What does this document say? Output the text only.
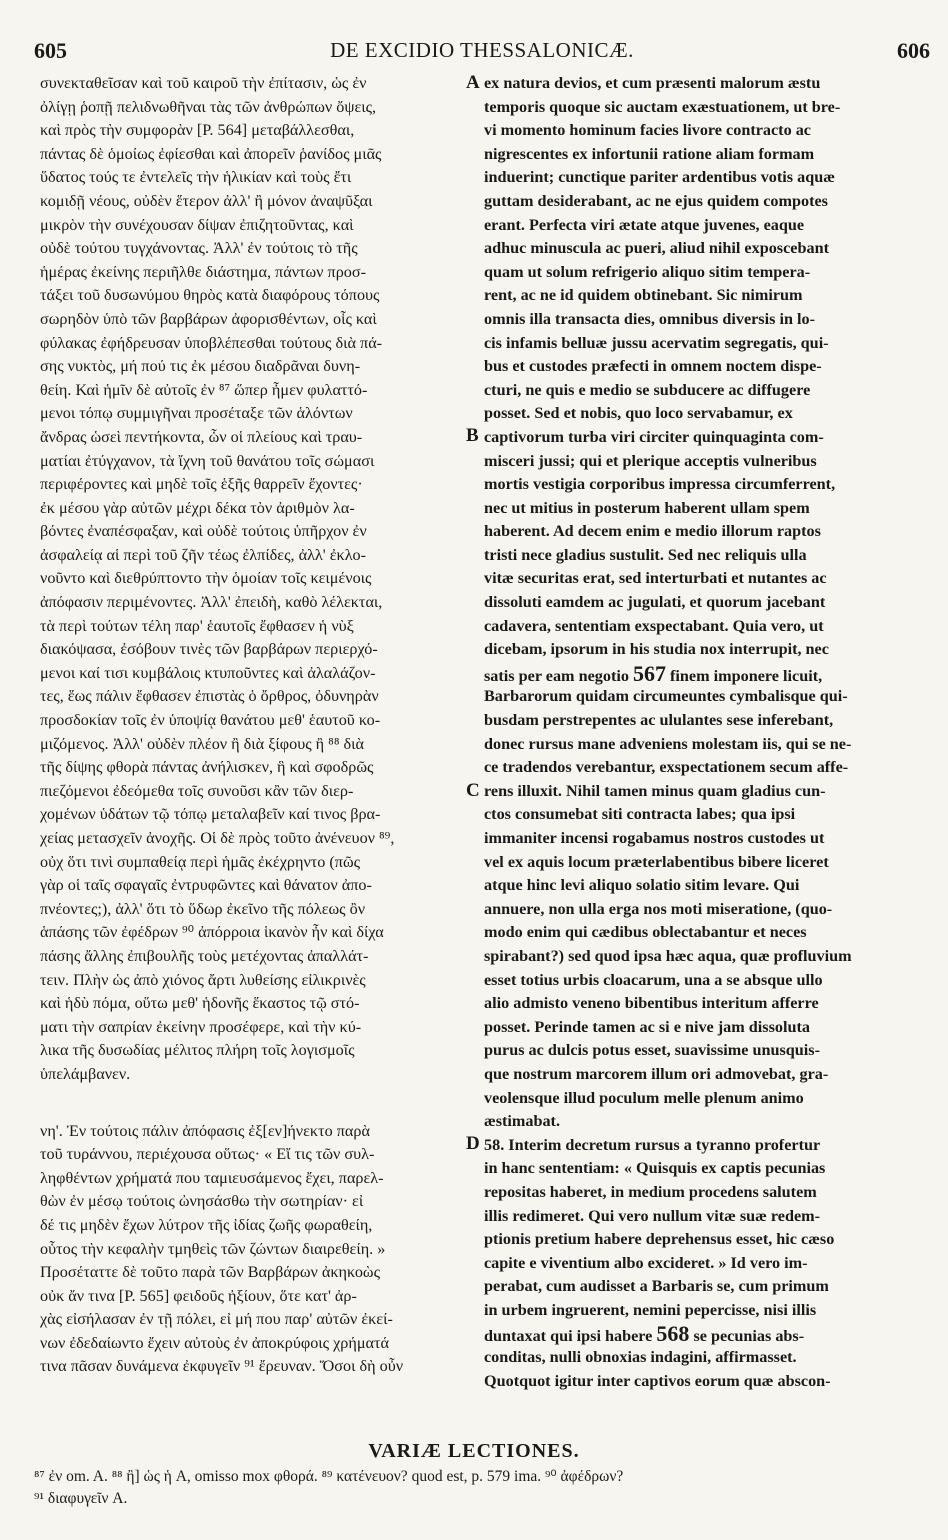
605	DE EXCIDIO THESSALONICÆ.	606
συνεκταθεῖσαν καὶ τοῦ καιροῦ τὴν ἐπίτασιν, ὡς ἐν
ὀλίγῃ ῥοπῇ πελιδνωθῆναι τὰς τῶν ἀνθρώπων ὄψεις,
καὶ πρὸς τὴν συμφορὰν [P. 564] μεταβάλλεσθαι,
πάντας δὲ ὁμοίως ἐφίεσθαι καὶ ἀπορεῖν ῥανίδος μιᾶς
ὕδατος τούς τε ἐντελεῖς τὴν ἡλικίαν καὶ τοὺς ἔτι
κομιδῇ νέους, οὐδὲν ἕτερον ἀλλ' ἢ μόνον ἀναψῦξαι
μικρὸν τὴν συνέχουσαν δίψαν ἐπιζητοῦντας, καὶ
οὐδὲ τούτου τυγχάνοντας. Ἀλλ' ἐν τούτοις τὸ τῆς
ἡμέρας ἐκείνης περιῆλθε διάστημα, πάντων προσ-
τάξει τοῦ δυσωνύμου θηρὸς κατὰ διαφόρους τόπους
σωρηδὸν ὑπὸ τῶν βαρβάρων ἀφορισθέντων, οἷς καὶ
φύλακας ἐφήδρευσαν ὑποβλέπεσθαι τούτους διὰ πά-
σης νυκτὸς, μή πού τις ἐκ μέσου διαδρᾶναι δυνη-
θείη. Καὶ ἡμῖν δὲ αὐτοῖς ἐν ⁸⁷ ὥπερ ἦμεν φυλαττό-
μενοι τόπῳ συμμιγῆναι προσέταξε τῶν ἁλόντων
ἄνδρας ὡσεὶ πεντήκοντα, ὧν οἱ πλείους καὶ τραυ-
ματίαι ἐτύγχανον, τὰ ἴχνη τοῦ θανάτου τοῖς σώμασι
περιφέροντες καὶ μηδὲ τοῖς ἑξῆς θαρρεῖν ἔχοντες·
ἐκ μέσου γὰρ αὐτῶν μέχρι δέκα τὸν ἀριθμὸν λα-
βόντες ἐναπέσφαξαν, καὶ οὐδὲ τούτοις ὑπῆρχον ἐν
ἀσφαλείᾳ αἱ περὶ τοῦ ζῆν τέως ἐλπίδες, ἀλλ' ἐκλο-
νοῦντο καὶ διεθρύπτοντο τὴν ὁμοίαν τοῖς κειμένοις
ἀπόφασιν περιμένοντες. Ἀλλ' ἐπειδὴ, καθὸ λέλεκται,
τὰ περὶ τούτων τέλη παρ' ἑαυτοῖς ἔφθασεν ἡ νὺξ
διακόψασα, ἐσόβουν τινὲς τῶν βαρβάρων περιερχό-
μενοι καί τισι κυμβάλοις κτυποῦντες καὶ ἀλαλάζον-
τες, ἕως πάλιν ἔφθασεν ἐπιστὰς ὁ ὄρθρος, ὀδυνηρὰν
προσδοκίαν τοῖς ἐν ὑποψίᾳ θανάτου μεθ' ἑαυτοῦ κο-
μιζόμενος. Ἀλλ' οὐδὲν πλέον ἢ διὰ ξίφους ἢ ⁸⁸ διὰ
τῆς δίψης φθορὰ πάντας ἀνήλισκεν, ἣ καὶ σφοδρῶς
πιεζόμενοι ἐδεόμεθα τοῖς συνοῦσι κἂν τῶν διερ-
χομένων ὑδάτων τῷ τόπῳ μεταλαβεῖν καί τινος βρα-
χείας μετασχεῖν ἀνοχῆς. Οἱ δὲ πρὸς τοῦτο ἀνένευον ⁸⁹,
οὐχ ὅτι τινὶ συμπαθείᾳ περὶ ἡμᾶς ἐκέχρηντο (πῶς
γὰρ οἱ ταῖς σφαγαῖς ἐντρυφῶντες καὶ θάνατον ἀπο-
πνέοντες;), ἀλλ' ὅτι τὸ ὕδωρ ἐκεῖνο τῆς πόλεως ὂν
ἁπάσης τῶν ἐφέδρων ⁹⁰ ἀπόρροια ἱκανὸν ἦν καὶ δίχα
πάσης ἄλλης ἐπιβουλῆς τοὺς μετέχοντας ἀπαλλάτ-
τειν. Πλὴν ὡς ἀπὸ χιόνος ἄρτι λυθείσης εἰλικρινὲς
καὶ ἡδὺ πόμα, οὕτω μεθ' ἡδονῆς ἕκαστος τῷ στό-
ματι τὴν σαπρίαν ἐκείνην προσέφερε, καὶ τὴν κύ-
λικα τῆς δυσωδίας μέλιτος πλήρη τοῖς λογισμοῖς
ὑπελάμβανεν.
νη'. Ἐν τούτοις πάλιν ἀπόφασις ἐξ[εν]ήνεκτο παρὰ
τοῦ τυράννου, περιέχουσα οὕτως· « Εἴ τις τῶν συλ-
ληφθέντων χρήματά που ταμιευσάμενος ἔχει, παρελ-
θὼν ἐν μέσῳ τούτοις ὠνησάσθω τὴν σωτηρίαν· εἰ
δέ τις μηδὲν ἔχων λύτρον τῆς ἰδίας ζωῆς φωραθείη,
οὗτος τὴν κεφαλὴν τμηθεὶς τῶν ζώντων διαιρεθείη. »
Προσέταττε δὲ τοῦτο παρὰ τῶν Βαρβάρων ἀκηκοὼς
οὐκ ἄν τινα [P. 565] φειδοῦς ἠξίουν, ὅτε κατ' ἀρ-
χὰς εἰσήλασαν ἐν τῇ πόλει, εἰ μή που παρ' αὐτῶν ἐκεί-
νων ἐδεδαίωντο ἔχειν αὐτοὺς ἐν ἀποκρύφοις χρήματά
τινα πᾶσαν δυνάμενα ἐκφυγεῖν ⁹¹ ἔρευναν. Ὅσοι δὴ οὖν
ex natura devios, et cum præsenti malorum æstu
temporis quoque sic auctam exæstuationem, ut bre-
vi momento hominum facies livore contracto ac
nigrescentes ex infortunii ratione aliam formam
induerint; cunctique pariter ardentibus votis aquæ
guttam desiderabant, ac ne ejus quidem compotes
erant. Perfecta viri ætate atque juvenes, eaque
adhuc minuscula ac pueri, aliud nihil exposcebant
quam ut solum refrigerio aliquo sitim tempera-
rent, ac ne id quidem obtinebant. Sic nimirum
omnis illa transacta dies, omnibus diversis in lo-
cis infamis belluæ jussu acervatim segregatis, qui-
bus et custodes præfecti in omnem noctem dispe-
cturi, ne quis e medio se subducere ac diffugere
posset. Sed et nobis, quo loco servabamur, ex
captivorum turba viri circiter quinquaginta com-
misceri jussi; qui et plerique acceptis vulneribus
mortis vestigia corporibus impressa circumferrent,
nec ut mitius in posterum haberent ullam spem
haberent. Ad decem enim e medio illorum raptos
tristi nece gladius sustulit. Sed nec reliquis ulla
vitæ securitas erat, sed interturbati et nutantes ac
dissoluti eamdem ac jugulati, et quorum jacebant
cadavera, sententiam exspectabant. Quia vero, ut
dicebam, ipsorum in his studia nox interrupit, nec
satis per eam negotio 567 finem imponere licuit,
Barbarorum quidam circumeuntes cymbalisque qui-
busdam perstrepentes ac ululantes sese inferebant,
donec rursus mane adveniens molestam iis, qui se ne-
ce tradendos verebantur, exspectationem secum affe-
rens illuxit. Nihil tamen minus quam gladius cun-
ctos consumebat siti contracta labes; qua ipsi
immaniter incensi rogabamus nostros custodes ut
vel ex aquis locum præterlabentibus bibere liceret
atque hinc levi aliquo solatio sitim levare. Qui
annuere, non ulla erga nos moti miseratione, (quo-
modo enim qui cædibus oblectabantur et neces
spirabant?) sed quod ipsa hæc aqua, quæ profluvium
esset totius urbis cloacarum, una a se absque ullo
alio admisto veneno bibentibus interitum afferre
posset. Perinde tamen ac si e nive jam dissoluta
purus ac dulcis potus esset, suavissime unusquis-
que nostrum marcorem illum ori admovebat, gra-
veolensque illud poculum melle plenum animo
æstimabat.
58. Interim decretum rursus a tyranno profertur
in hanc sententiam: « Quisquis ex captis pecunias
repositas haberet, in medium procedens salutem
illis redimeret. Qui vero nullum vitæ suæ redem-
ptionis pretium habere deprehensus esset, hic cæso
capite e viventium albo excideret. » Id vero im-
perabat, cum audisset a Barbaris se, cum primum
in urbem ingruerent, nemini pepercisse, nisi illis
duntaxat qui ipsi habere 568 se pecunias abs-
conditas, nulli obnoxias indagini, affirmasset.
Quotquot igitur inter captivos eorum quæ abscon-
A
B
C
D
VARIÆ LECTIONES.
⁸⁷ ἐν om. A. ⁸⁸ ἢ] ὡς ἡ A, omisso mox φθορά. ⁸⁹ κατένευον? quod est, p. 579 ima. ⁹⁰ ἀφέδρων?
⁹¹ διαφυγεῖν A.
